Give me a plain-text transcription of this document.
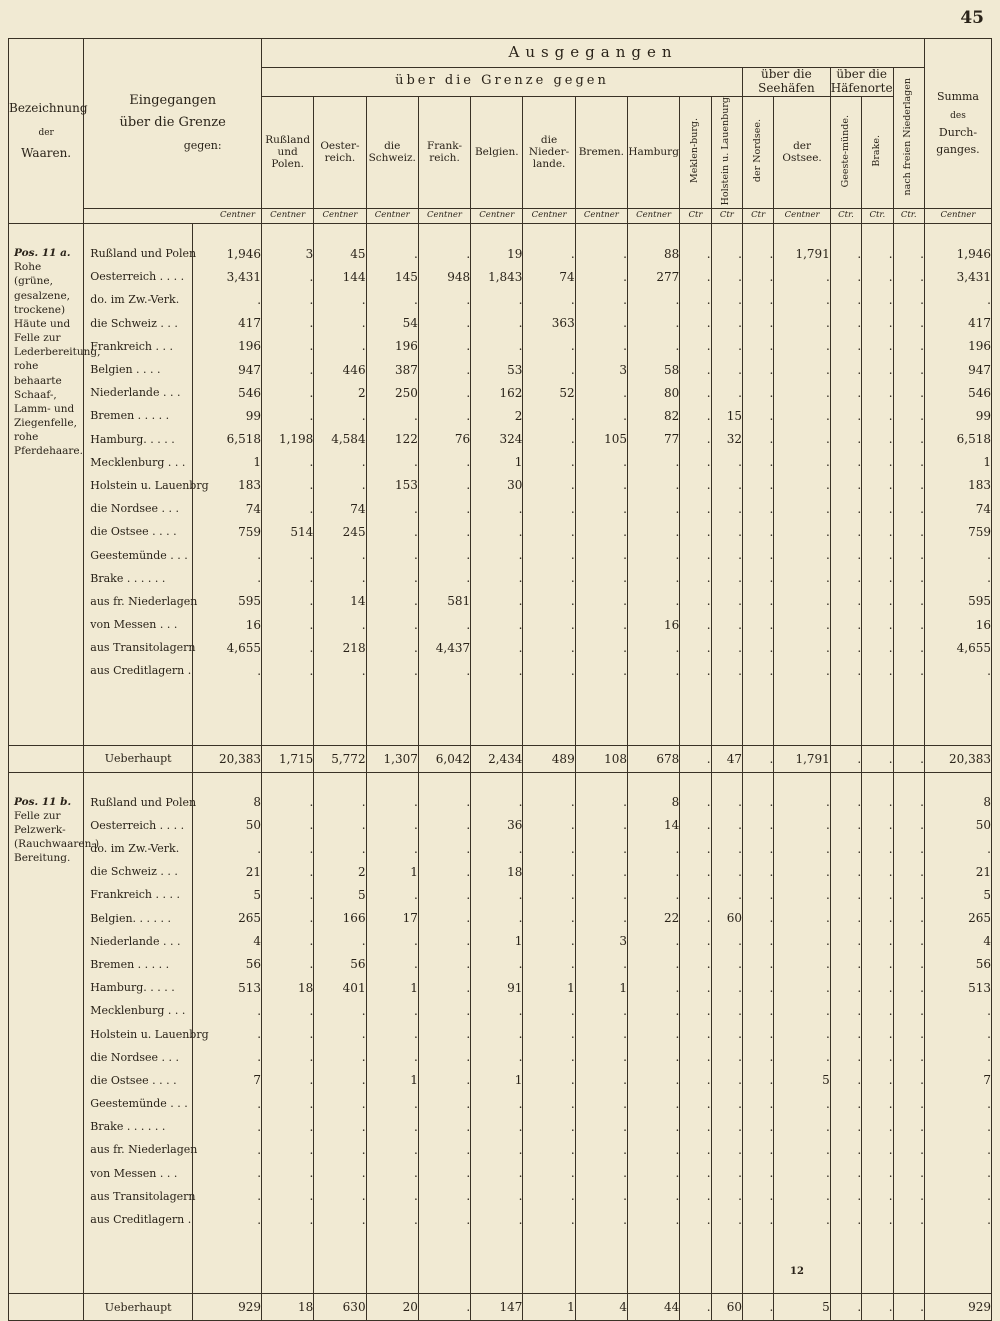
45
Bezeichnung
der
Waaren.	Eingegangen
über die Grenze
gegen:		Ausgegangen															Summa
des
Durch-
ganges.
			über die Grenze gegen										über die
Seehäfen		über die
Häfenorte		nach freien Niederlagen	
			Rußland und Polen.	Oester-reich.	die Schweiz.	Frank-reich.	Belgien.	die Nieder-lande.	Bremen.	Hamburg	Meklen-burg.	Holstein u. Lauenburg	der Nordsee.	der Ostsee.	Geeste-münde.	Brake.		
	Centner		Centner	Centner	Centner	Centner	Centner	Centner	Centner	Centner	Ctr	Ctr	Ctr	Centner	Ctr.	Ctr.	Ctr.	Centner

Pos. 11 a.
Rohe (grüne, gesalzene, trockene) Häute und Felle zur Lederbereitung, rohe behaarte Schaaf-, Lamm- und Ziegenfelle, rohe Pferdehaare.	Rußland und Polen	1,946	3	45	.	.	19	.	.	88	.	.	.	1,791	.	.	.	1,946
	Oesterreich . . . .	3,431	.	144	145	948	1,843	74	.	277	.	.	.	.	.	.	.	3,431
	do. im Zw.-Verk.	.	.	.	.	.	.	.	.	.	.	.	.	.	.	.	.	.
	die Schweiz . . .	417	.	.	54	.	.	363	.	.	.	.	.	.	.	.	.	417
	Frankreich . . .	196	.	.	196	.	.	.	.	.	.	.	.	.	.	.	.	196
	Belgien . . . .	947	.	446	387	.	53	.	3	58	.	.	.	.	.	.	.	947
	Niederlande . . .	546	.	2	250	.	162	52	.	80	.	.	.	.	.	.	.	546
	Bremen . . . . .	99	.	.	.	.	2	.	.	82	.	15	.	.	.	.	.	99
	Hamburg. . . . .	6,518	1,198	4,584	122	76	324	.	105	77	.	32	.	.	.	.	.	6,518
	Mecklenburg . . .	1	.	.	.	.	1	.	.	.	.	.	.	.	.	.	.	1
	Holstein u. Lauenbrg	183	.	.	153	.	30	.	.	.	.	.	.	.	.	.	.	183
	die Nordsee . . .	74	.	74	.	.	.	.	.	.	.	.	.	.	.	.	.	74
	die Ostsee . . . .	759	514	245	.	.	.	.	.	.	.	.	.	.	.	.	.	759
	Geestemünde . . .	.	.	.	.	.	.	.	.	.	.	.	.	.	.	.	.	.
	Brake . . . . . .	.	.	.	.	.	.	.	.	.	.	.	.	.	.	.	.	.
	aus fr. Niederlagen	595	.	14	.	581	.	.	.	.	.	.	.	.	.	.	.	595
	von Messen . . .	16	.	.	.	.	.	.	.	16	.	.	.	.	.	.	.	16
	aus Transitolagern	4,655	.	218	.	4,437	.	.	.	.	.	.	.	.	.	.	.	4,655
	aus Creditlagern .	.	.	.	.	.	.	.	.	.	.	.	.	.	.	.	.	.

	Ueberhaupt	20,383	1,715	5,772	1,307	6,042	2,434	489	108	678	.	47	.	1,791	.	.	.	20,383

Pos. 11 b.
Felle zur Pelzwerk-(Rauchwaaren-) Bereitung.	Rußland und Polen	8	.	.	.	.	.	.	.	8	.	.	.	.	.	.	.	8
	Oesterreich . . . .	50	.	.	.	.	36	.	.	14	.	.	.	.	.	.	.	50
	do. im Zw.-Verk.	.	.	.	.	.	.	.	.	.	.	.	.	.	.	.	.	.
	die Schweiz . . .	21	.	2	1	.	18	.	.	.	.	.	.	.	.	.	.	21
	Frankreich . . . .	5	.	5	.	.	.	.	.	.	.	.	.	.	.	.	.	5
	Belgien. . . . . .	265	.	166	17	.	.	.	.	22	.	60	.	.	.	.	.	265
	Niederlande . . .	4	.	.	.	.	1	.	3	.	.	.	.	.	.	.	.	4
	Bremen . . . . .	56	.	56	.	.	.	.	.	.	.	.	.	.	.	.	.	56
	Hamburg. . . . .	513	18	401	1	.	91	1	1	.	.	.	.	.	.	.	.	513
	Mecklenburg . . .	.	.	.	.	.	.	.	.	.	.	.	.	.	.	.	.	.
	Holstein u. Lauenbrg	.	.	.	.	.	.	.	.	.	.	.	.	.	.	.	.	.
	die Nordsee . . .	.	.	.	.	.	.	.	.	.	.	.	.	.	.	.	.	.
	die Ostsee . . . .	7	.	.	1	.	1	.	.	.	.	.	.	5	.	.	.	7
	Geestemünde . . .	.	.	.	.	.	.	.	.	.	.	.	.	.	.	.	.	.
	Brake . . . . . .	.	.	.	.	.	.	.	.	.	.	.	.	.	.	.	.	.
	aus fr. Niederlagen	.	.	.	.	.	.	.	.	.	.	.	.	.	.	.	.	.
	von Messen . . .	.	.	.	.	.	.	.	.	.	.	.	.	.	.	.	.	.
	aus Transitolagern	.	.	.	.	.	.	.	.	.	.	.	.	.	.	.	.	.
	aus Creditlagern .	.	.	.	.	.	.	.	.	.	.	.	.	.	.	.	.	.

	Ueberhaupt	929	18	630	20	.	147	1	4	44	.	60	.	5	.	.	.	929
12
